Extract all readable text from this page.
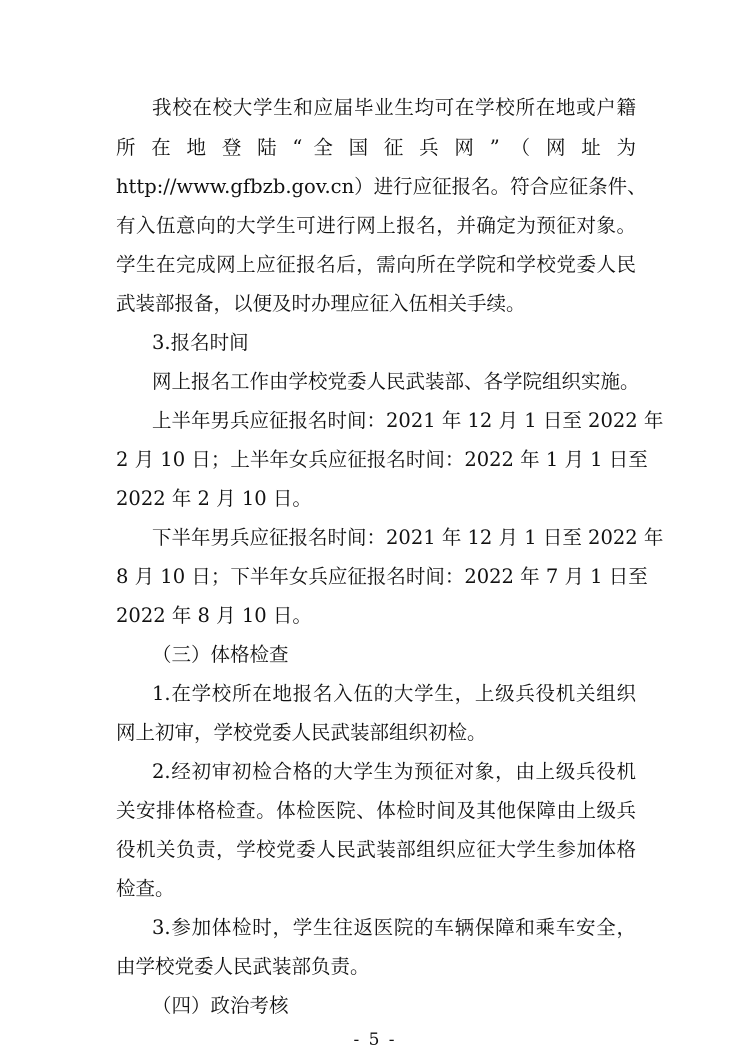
我校在校大学生和应届毕业生均可在学校所在地或户籍
所 在 地 登 陆 “ 全 国 征 兵 网 ” （ 网 址 为
http://www.gfbzb.gov.cn）进行应征报名。符合应征条件、
有入伍意向的大学生可进行网上报名，并确定为预征对象。
学生在完成网上应征报名后，需向所在学院和学校党委人民
武装部报备，以便及时办理应征入伍相关手续。
3.报名时间
网上报名工作由学校党委人民武装部、各学院组织实施。
上半年男兵应征报名时间：2021 年 12 月 1 日至 2022 年
2 月 10 日；上半年女兵应征报名时间：2022 年 1 月 1 日至
2022 年 2 月 10 日。
下半年男兵应征报名时间：2021 年 12 月 1 日至 2022 年
8 月 10 日；下半年女兵应征报名时间：2022 年 7 月 1 日至
2022 年 8 月 10 日。
（三）体格检查
1.在学校所在地报名入伍的大学生，上级兵役机关组织
网上初审，学校党委人民武装部组织初检。
2.经初审初检合格的大学生为预征对象，由上级兵役机
关安排体格检查。体检医院、体检时间及其他保障由上级兵
役机关负责，学校党委人民武装部组织应征大学生参加体格
检查。
3.参加体检时，学生往返医院的车辆保障和乘车安全，
由学校党委人民武装部负责。
（四）政治考核
- 5 -
